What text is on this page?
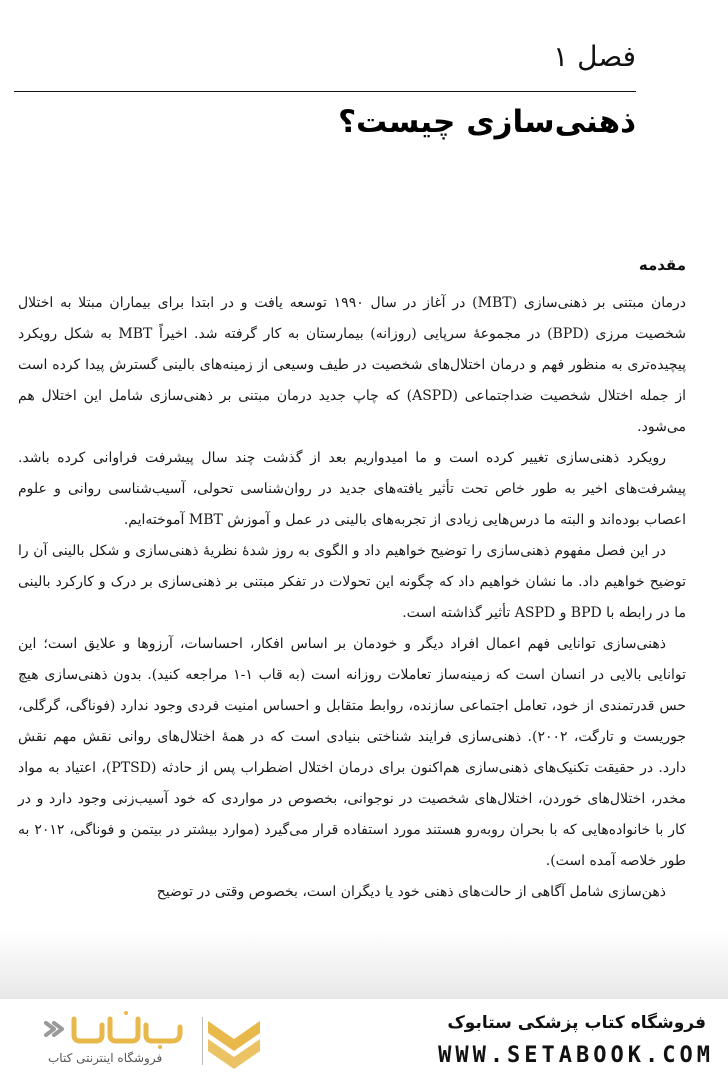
فصل ۱
ذهنی‌سازی چیست؟
مقدمه

درمان مبتنی بر ذهنی‌سازی (MBT) در آغاز در سال ۱۹۹۰ توسعه یافت و در ابتدا برای بیماران مبتلا به اختلال شخصیت مرزی (BPD) در مجموعهٔ سرپایی (روزانه) بیمارستان به کار گرفته شد. اخیراً MBT به شکل رویکرد پیچیده‌تری به منظور فهم و درمان اختلال‌های شخصیت در طیف وسیعی از زمینه‌های بالینی گسترش پیدا کرده است از جمله اختلال شخصیت ضداجتماعی (ASPD) که چاپ جدید درمان مبتنی بر ذهنی‌سازی شامل این اختلال هم می‌شود.

رویکرد ذهنی‌سازی تغییر کرده است و ما امیدواریم بعد از گذشت چند سال پیشرفت فراوانی کرده باشد. پیشرفت‌های اخیر به طور خاص تحت تأثیر یافته‌های جدید در روان‌شناسی تحولی، آسیب‌شناسی روانی و علوم اعصاب بوده‌اند و البته ما درس‌هایی زیادی از تجربه‌های بالینی در عمل و آموزش MBT آموخته‌ایم.

در این فصل مفهوم ذهنی‌سازی را توضیح خواهیم داد و الگوی به روز شدهٔ نظریهٔ ذهنی‌سازی و شکل بالینی آن را توضیح خواهیم داد. ما نشان خواهیم داد که چگونه این تحولات در تفکر مبتنی بر ذهنی‌سازی بر درک و کارکرد بالینی ما در رابطه با BPD و ASPD تأثیر گذاشته است.

ذهنی‌سازی توانایی فهم اعمال افراد دیگر و خودمان بر اساس افکار، احساسات، آرزوها و علایق است؛ این توانایی بالایی در انسان است که زمینه‌ساز تعاملات روزانه است (به قاب ۱-۱ مراجعه کنید). بدون ذهنی‌سازی هیچ حس قدرتمندی از خود، تعامل اجتماعی سازنده، روابط متقابل و احساس امنیت فردی وجود ندارد (فوناگی، گرگلی، جوریست و تارگت، ۲۰۰۲). ذهنی‌سازی فرایند شناختی بنیادی است که در همهٔ اختلال‌های روانی نقش مهم نقش دارد. در حقیقت تکنیک‌های ذهنی‌سازی هم‌اکنون برای درمان اختلال اضطراب پس از حادثه (PTSD)، اعتیاد به مواد مخدر، اختلال‌های خوردن، اختلال‌های شخصیت در نوجوانی، بخصوص در مواردی که خود آسیب‌زنی وجود دارد و در کار با خانواده‌هایی که با بحران روبه‌رو هستند مورد استفاده قرار می‌گیرد (موارد بیشتر در بیتمن و فوناگی، ۲۰۱۲ به طور خلاصه آمده است).

ذهن‌سازی شامل آگاهی از حالت‌های ذهنی خود یا دیگران است، بخصوص وقتی در توضیح

فروشگاه اینترنتی کتاب
فروشگاه کتاب پزشکی ستابوک
WWW.SETABOOK.COM
